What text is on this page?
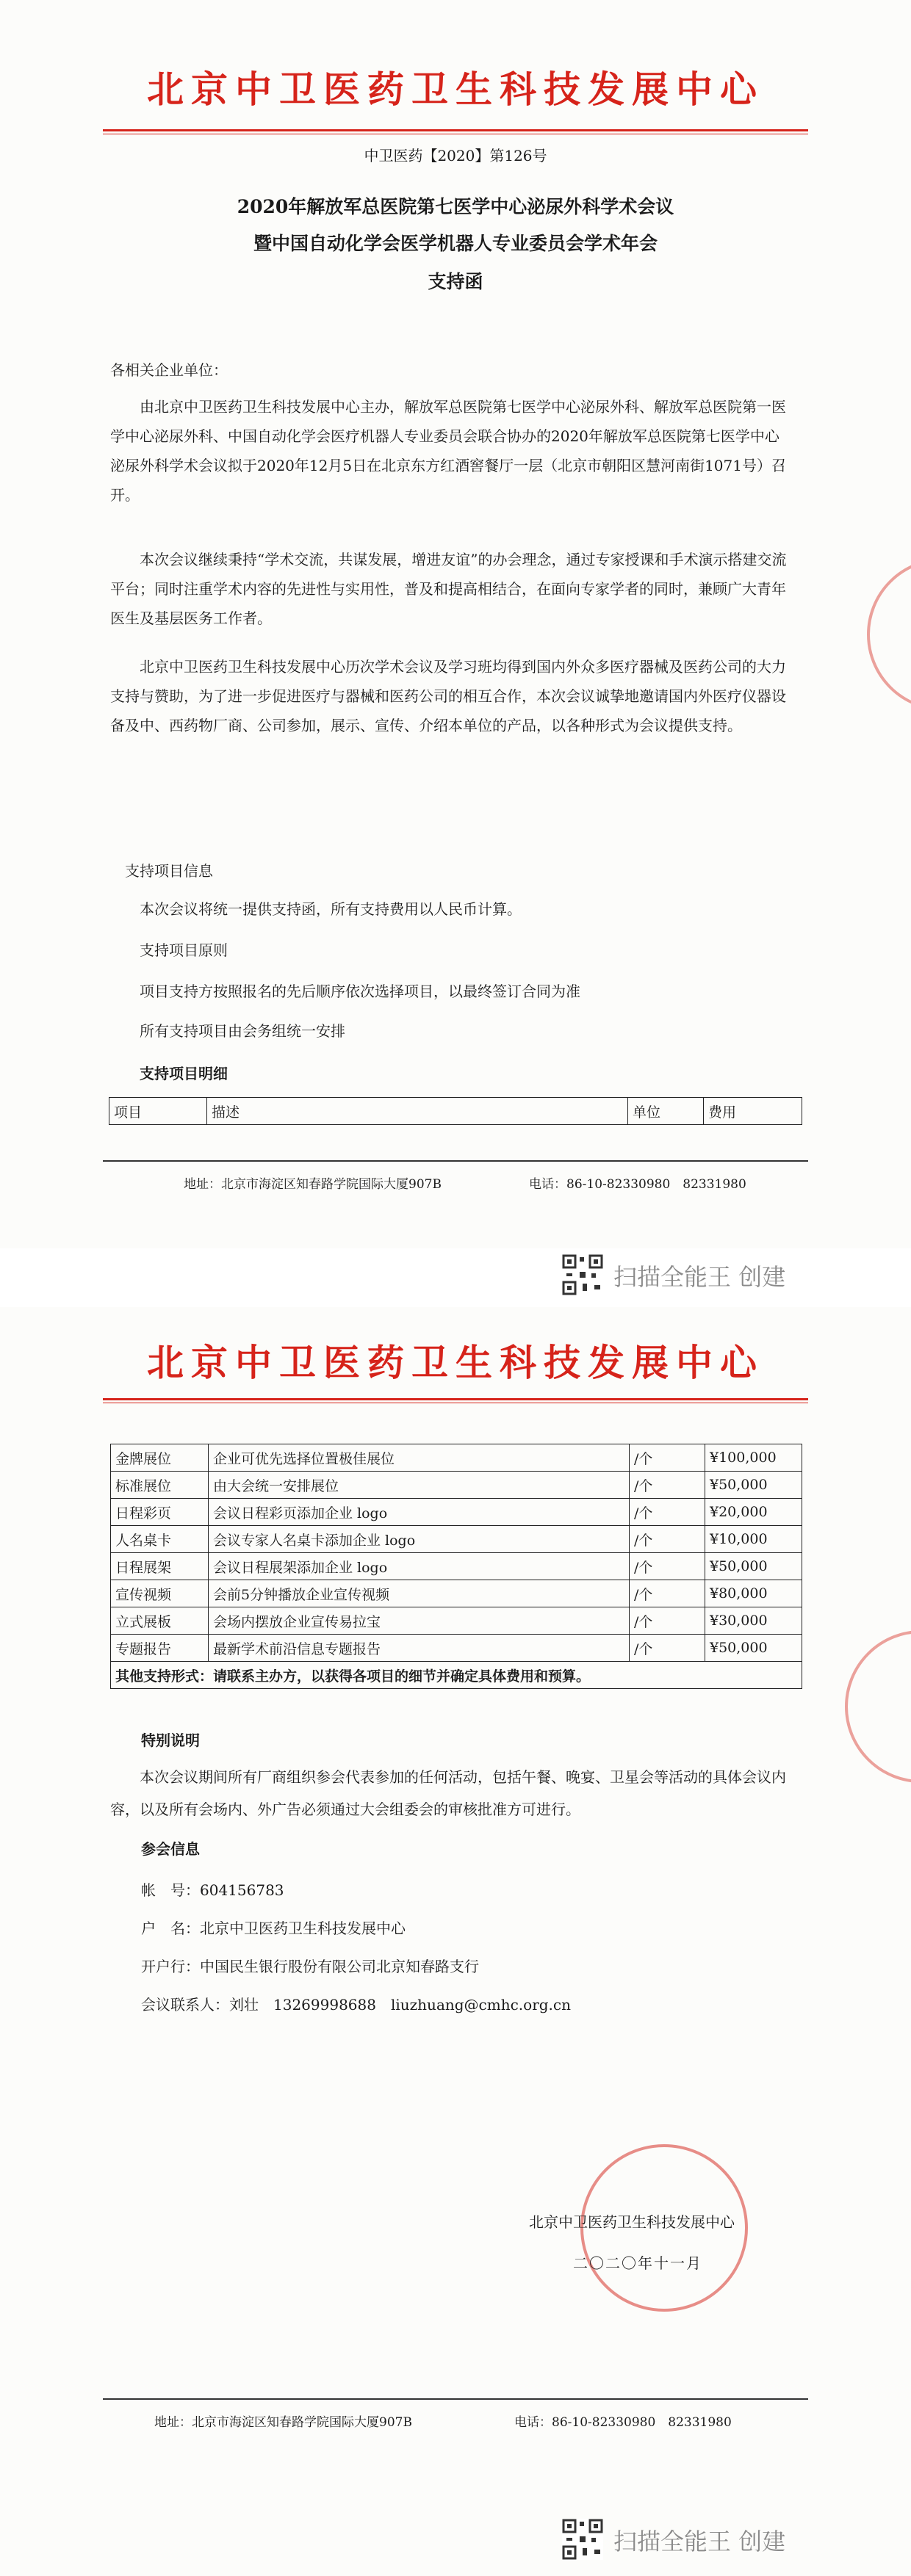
北京中卫医药卫生科技发展中心
中卫医药【2020】第126号
2020年解放军总医院第七医学中心泌尿外科学术会议
暨中国自动化学会医学机器人专业委员会学术年会
支持函
各相关企业单位：
由北京中卫医药卫生科技发展中心主办，解放军总医院第七医学中心泌尿外科、解放军总医院第一医学中心泌尿外科、中国自动化学会医疗机器人专业委员会联合协办的2020年解放军总医院第七医学中心泌尿外科学术会议拟于2020年12月5日在北京东方红酒窖餐厅一层（北京市朝阳区慧河南街1071号）召开。
本次会议继续秉持“学术交流，共谋发展，增进友谊”的办会理念，通过专家授课和手术演示搭建交流平台；同时注重学术内容的先进性与实用性，普及和提高相结合，在面向专家学者的同时，兼顾广大青年医生及基层医务工作者。
北京中卫医药卫生科技发展中心历次学术会议及学习班均得到国内外众多医疗器械及医药公司的大力支持与赞助，为了进一步促进医疗与器械和医药公司的相互合作，本次会议诚挚地邀请国内外医疗仪器设备及中、西药物厂商、公司参加，展示、宣传、介绍本单位的产品，以各种形式为会议提供支持。
支持项目信息
本次会议将统一提供支持函，所有支持费用以人民币计算。
支持项目原则
项目支持方按照报名的先后顺序依次选择项目，以最终签订合同为准
所有支持项目由会务组统一安排
支持项目明细
项目	描述	单位	费用
地址：北京市海淀区知春路学院国际大厦907B	电话：86-10-82330980　82331980
扫描全能王 创建
北京中卫医药卫生科技发展中心
金牌展位	企业可优先选择位置极佳展位	/个	¥100,000
标准展位	由大会统一安排展位	/个	¥50,000
日程彩页	会议日程彩页添加企业 logo	/个	¥20,000
人名桌卡	会议专家人名桌卡添加企业 logo	/个	¥10,000
日程展架	会议日程展架添加企业 logo	/个	¥50,000
宣传视频	会前5分钟播放企业宣传视频	/个	¥80,000
立式展板	会场内摆放企业宣传易拉宝	/个	¥30,000
专题报告	最新学术前沿信息专题报告	/个	¥50,000
其他支持形式：请联系主办方，以获得各项目的细节并确定具体费用和预算。			
特别说明
本次会议期间所有厂商组织参会代表参加的任何活动，包括午餐、晚宴、卫星会等活动的具体会议内容，以及所有会场内、外广告必须通过大会组委会的审核批准方可进行。
参会信息
帐　号：604156783
户　名：北京中卫医药卫生科技发展中心
开户行：中国民生银行股份有限公司北京知春路支行
会议联系人：刘壮　13269998688　liuzhuang@cmhc.org.cn
北京中卫医药卫生科技发展中心
二〇二〇年十一月
地址：北京市海淀区知春路学院国际大厦907B	电话：86-10-82330980　82331980
扫描全能王 创建
